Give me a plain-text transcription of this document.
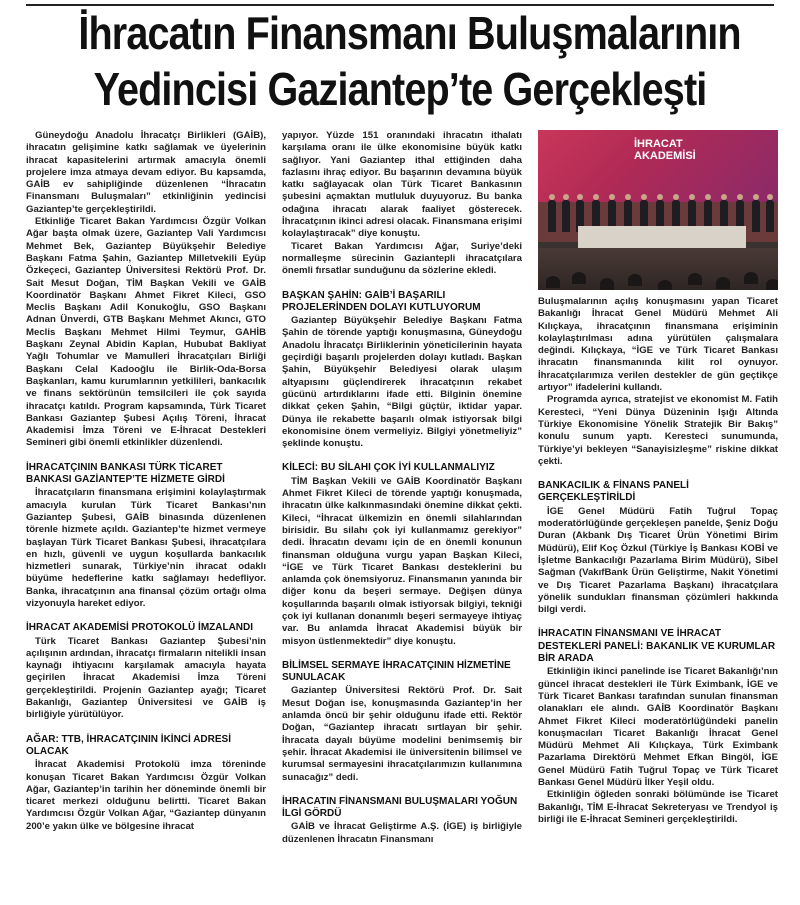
İhracatın Finansmanı Buluşmalarının
Yedincisi Gaziantep’te Gerçekleşti

Güneydoğu Anadolu İhracatçı Birlikleri (GAİB), ihracatın gelişimine katkı sağlamak ve üyelerinin ihracat kapasitelerini artırmak amacıyla önemli projelere imza atmaya devam ediyor. Bu kapsamda, GAİB ev sahipliğinde düzenlenen “İhracatın Finansmanı Buluşmaları” etkinliğinin yedincisi Gaziantep’te gerçekleştirildi.

Etkinliğe Ticaret Bakan Yardımcısı Özgür Volkan Ağar başta olmak üzere, Gaziantep Vali Yardımcısı Mehmet Bek, Gaziantep Büyükşehir Belediye Başkanı Fatma Şahin, Gaziantep Milletvekili Eyüp Özkeçeci, Gaziantep Üniversitesi Rektörü Prof. Dr. Sait Mesut Doğan, TİM Başkan Vekili ve GAİB Koordinatör Başkanı Ahmet Fikret Kileci, GSO Meclis Başkanı Adil Konukoğlu, GSO Başkanı Adnan Ünverdi, GTB Başkanı Mehmet Akıncı, GTO Meclis Başkanı Mehmet Hilmi Teymur, GAHİB Başkanı Zeynal Abidin Kaplan, Hububat Bakliyat Yağlı Tohumlar ve Mamulleri İhracatçıları Birliği Başkanı Celal Kadooğlu ile Birlik-Oda-Borsa Başkanları, kamu kurumlarının yetkilileri, bankacılık ve finans sektörünün temsilcileri ile çok sayıda ihracatçı katıldı. Program kapsamında, Türk Ticaret Bankası Gaziantep Şubesi Açılış Töreni, İhracat Akademisi İmza Töreni ve E-İhracat Destekleri Semineri gibi önemli etkinlikler düzenlendi.

İHRACATÇININ BANKASI TÜRK TİCARET BANKASI GAZİANTEP’TE HİZMETE GİRDİ

İhracatçıların finansmana erişimini kolaylaştırmak amacıyla kurulan Türk Ticaret Bankası’nın Gaziantep Şubesi, GAİB binasında düzenlenen törenle hizmete açıldı. Gaziantep’te hizmet vermeye başlayan Türk Ticaret Bankası Şubesi, ihracatçılara en hızlı, güvenli ve uygun koşullarda bankacılık hizmetleri sunarak, Türkiye’nin ihracat odaklı büyüme hedeflerine katkı sağlamayı hedefliyor. Banka, ihracatçının ana finansal çözüm ortağı olma vizyonuyla hareket ediyor.

İHRACAT AKADEMİSİ PROTOKOLÜ İMZALANDI

Türk Ticaret Bankası Gaziantep Şubesi’nin açılışının ardından, ihracatçı firmaların nitelikli insan kaynağı ihtiyacını karşılamak amacıyla hayata geçirilen İhracat Akademisi İmza Töreni gerçekleştirildi. Projenin Gaziantep ayağı; Ticaret Bakanlığı, Gaziantep Üniversitesi ve GAİB iş birliğiyle yürütülüyor.

AĞAR: TTB, İHRACATÇININ İKİNCİ ADRESİ OLACAK

İhracat Akademisi Protokolü imza töreninde konuşan Ticaret Bakan Yardımcısı Özgür Volkan Ağar, Gaziantep’in tarihin her döneminde önemli bir ticaret merkezi olduğunu belirtti. Ticaret Bakan Yardımcısı Özgür Volkan Ağar, “Gaziantep dünyanın 200’e yakın ülke ve bölgesine ihracat

yapıyor. Yüzde 151 oranındaki ihracatın ithalatı karşılama oranı ile ülke ekonomisine büyük katkı sağlıyor. Yani Gaziantep ithal ettiğinden daha fazlasını ihraç ediyor. Bu başarının devamına büyük katkı sağlayacak olan Türk Ticaret Bankasının şubesini açmaktan mutluluk duyuyoruz. Bu banka odağına ihracatı alarak faaliyet gösterecek. İhracatçının ikinci adresi olacak. Finansmana erişimi kolaylaştıracak” diye konuştu.

Ticaret Bakan Yardımcısı Ağar, Suriye’deki normalleşme sürecinin Gaziantepli ihracatçılara önemli fırsatlar sunduğunu da sözlerine ekledi.

BAŞKAN ŞAHİN: GAİB’İ BAŞARILI PROJELERİNDEN DOLAYI KUTLUYORUM

Gaziantep Büyükşehir Belediye Başkanı Fatma Şahin de törende yaptığı konuşmasına, Güneydoğu Anadolu İhracatçı Birliklerinin yöneticilerinin hayata geçirdiği başarılı projelerden dolayı kutladı. Başkan Şahin, Büyükşehir Belediyesi olarak ulaşım altyapısını güçlendirerek ihracatçının rekabet gücünü artırdıklarını ifade etti. Bilginin önemine dikkat çeken Şahin, “Bilgi güçtür, iktidar yapar. Dünya ile rekabette başarılı olmak istiyorsak bilgi ekonomisine önem vermeliyiz. Bilgiyi yönetmeliyiz” şeklinde konuştu.

KİLECİ: BU SİLAHI ÇOK İYİ KULLANMALIYIZ

TİM Başkan Vekili ve GAİB Koordinatör Başkanı Ahmet Fikret Kileci de törende yaptığı konuşmada, ihracatın ülke kalkınmasındaki önemine dikkat çekti. Kileci, “İhracat ülkemizin en önemli silahlarından birisidir. Bu silahı çok iyi kullanmamız gerekiyor” dedi. İhracatın devamı için de en önemli konunun finansman olduğuna vurgu yapan Başkan Kileci, “İGE ve Türk Ticaret Bankası desteklerini bu anlamda çok önemsiyoruz. Finansmanın yanında bir diğer konu da beşeri sermaye. Değişen dünya koşullarında başarılı olmak istiyorsak bilgiyi, tekniği çok iyi kullanan donanımlı beşeri sermayeye ihtiyaç var. Bu anlamda İhracat Akademisi büyük bir misyon üstlenmektedir” diye konuştu.

BİLİMSEL SERMAYE İHRACATÇININ HİZMETİNE SUNULACAK

Gaziantep Üniversitesi Rektörü Prof. Dr. Sait Mesut Doğan ise, konuşmasında Gaziantep’in her anlamda öncü bir şehir olduğunu ifade etti. Rektör Doğan, “Gaziantep ihracatı sırtlayan bir şehir. İhracata dayalı büyüme modelini benimsemiş bir şehir. İhracat Akademisi ile üniversitenin bilimsel ve kurumsal sermayesini ihracatçılarımızın kullanımına sunacağız” dedi.

İHRACATIN FİNANSMANI BULUŞMALARI YOĞUN İLGİ GÖRDÜ

GAİB ve İhracat Geliştirme A.Ş. (İGE) iş birliğiyle düzenlenen İhracatın Finansmanı

İHRACAT AKADEMİSİ

Buluşmalarının açılış konuşmasını yapan Ticaret Bakanlığı İhracat Genel Müdürü Mehmet Ali Kılıçkaya, ihracatçının finansmana erişiminin kolaylaştırılması adına yürütülen çalışmalara değindi. Kılıçkaya, “İGE ve Türk Ticaret Bankası ihracatın finansmanında kilit rol oynuyor. İhracatçılarımıza verilen destekler de gün geçtikçe artıyor” ifadelerini kullandı.

Programda ayrıca, stratejist ve ekonomist M. Fatih Keresteci, “Yeni Dünya Düzeninin Işığı Altında Türkiye Ekonomisine Yönelik Stratejik Bir Bakış” konulu sunum yaptı. Keresteci sunumunda, Türkiye’yi bekleyen “Sanayisizleşme” riskine dikkat çekti.

BANKACILIK & FİNANS PANELİ GERÇEKLEŞTİRİLDİ

İGE Genel Müdürü Fatih Tuğrul Topaç moderatörlüğünde gerçekleşen panelde, Şeniz Doğu Duran (Akbank Dış Ticaret Ürün Yönetimi Birim Müdürü), Elif Koç Özkul (Türkiye İş Bankası KOBİ ve İşletme Bankacılığı Pazarlama Birim Müdürü), Sibel Sağman (VakıfBank Ürün Geliştirme, Nakit Yönetimi ve Dış Ticaret Pazarlama Başkanı) ihracatçılara yönelik sundukları finansman çözümleri hakkında bilgi verdi.

İHRACATIN FİNANSMANI VE İHRACAT DESTEKLERİ PANELİ: BAKANLIK VE KURUMLAR BİR ARADA

Etkinliğin ikinci panelinde ise Ticaret Bakanlığı’nın güncel ihracat destekleri ile Türk Eximbank, İGE ve Türk Ticaret Bankası tarafından sunulan finansman olanakları ele alındı. GAİB Koordinatör Başkanı Ahmet Fikret Kileci moderatörlüğündeki panelin konuşmacıları Ticaret Bakanlığı İhracat Genel Müdürü Mehmet Ali Kılıçkaya, Türk Eximbank Pazarlama Direktörü Mehmet Efkan Bingöl, İGE Genel Müdürü Fatih Tuğrul Topaç ve Türk Ticaret Bankası Genel Müdürü İlker Yeşil oldu.

Etkinliğin öğleden sonraki bölümünde ise Ticaret Bakanlığı, TİM E-İhracat Sekreteryası ve Trendyol iş birliği ile E-İhracat Semineri gerçekleştirildi.
